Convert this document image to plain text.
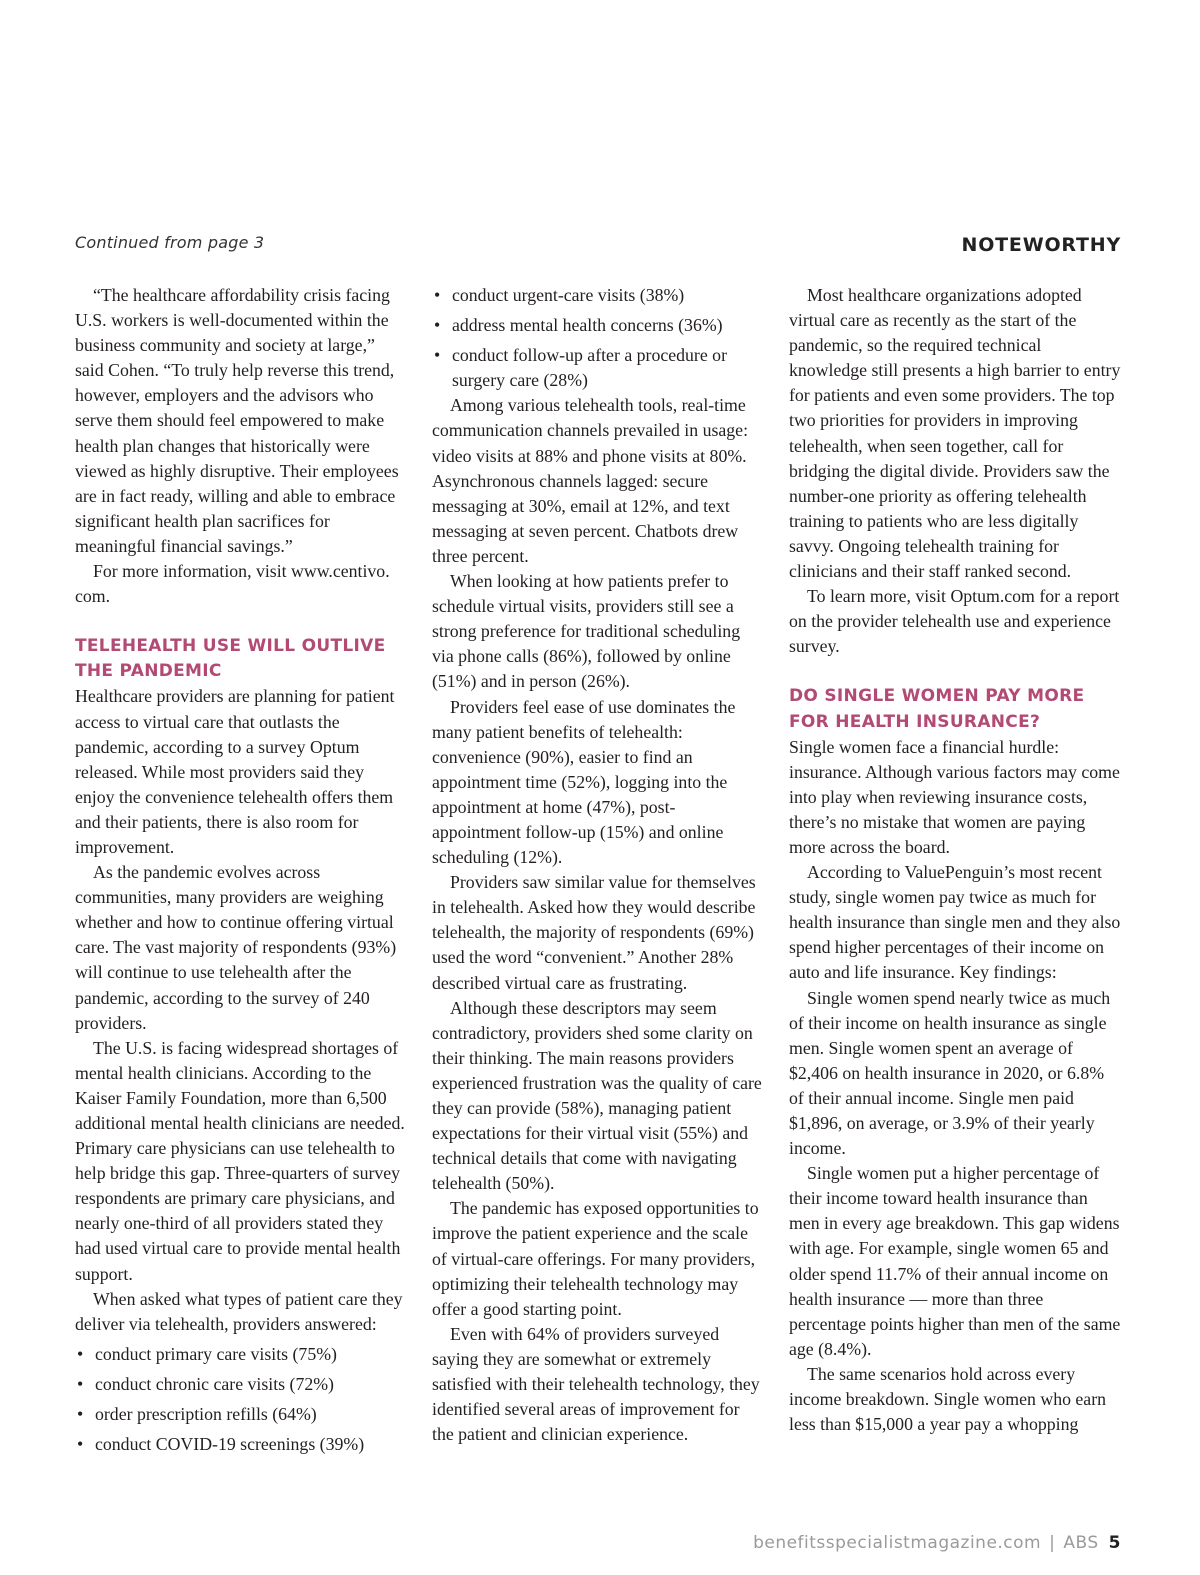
Continued from page 3	NOTEWORTHY

“The healthcare affordability crisis facing U.S. workers is well-documented within the business community and society at large,” said Cohen. “To truly help reverse this trend, however, employers and the advisors who serve them should feel empowered to make health plan changes that historically were viewed as highly disruptive. Their employees are in fact ready, willing and able to embrace significant health plan sacrifices for meaningful financial savings.”

For more information, visit www.centivo. com.

TELEHEALTH USE WILL OUTLIVE
THE PANDEMIC

Healthcare providers are planning for patient access to virtual care that outlasts the pandemic, according to a survey Optum released. While most providers said they enjoy the convenience telehealth offers them and their patients, there is also room for improvement.

As the pandemic evolves across communities, many providers are weighing whether and how to continue offering virtual care. The vast majority of respondents (93%) will continue to use telehealth after the pandemic, according to the survey of 240 providers.

The U.S. is facing widespread shortages of mental health clinicians. According to the Kaiser Family Foundation, more than 6,500 additional mental health clinicians are needed. Primary care physicians can use telehealth to help bridge this gap. Three-quarters of survey respondents are primary care physicians, and nearly one-third of all providers stated they had used virtual care to provide mental health support.

When asked what types of patient care they deliver via telehealth, providers answered:

• conduct primary care visits (75%)
• conduct chronic care visits (72%)
• order prescription refills (64%)
• conduct COVID-19 screenings (39%)
• conduct urgent-care visits (38%)
• address mental health concerns (36%)
• conduct follow-up after a procedure or surgery care (28%)

Among various telehealth tools, real-time communication channels prevailed in usage: video visits at 88% and phone visits at 80%. Asynchronous channels lagged: secure messaging at 30%, email at 12%, and text messaging at seven percent. Chatbots drew three percent.

When looking at how patients prefer to schedule virtual visits, providers still see a strong preference for traditional scheduling via phone calls (86%), followed by online (51%) and in person (26%).

Providers feel ease of use dominates the many patient benefits of telehealth: convenience (90%), easier to find an appointment time (52%), logging into the appointment at home (47%), post-appointment follow-up (15%) and online scheduling (12%).

Providers saw similar value for themselves in telehealth. Asked how they would describe telehealth, the majority of respondents (69%) used the word “convenient.” Another 28% described virtual care as frustrating.

Although these descriptors may seem contradictory, providers shed some clarity on their thinking. The main reasons providers experienced frustration was the quality of care they can provide (58%), managing patient expectations for their virtual visit (55%) and technical details that come with navigating telehealth (50%).

The pandemic has exposed opportunities to improve the patient experience and the scale of virtual-care offerings. For many providers, optimizing their telehealth technology may offer a good starting point.

Even with 64% of providers surveyed saying they are somewhat or extremely satisfied with their telehealth technology, they identified several areas of improvement for the patient and clinician experience.

Most healthcare organizations adopted virtual care as recently as the start of the pandemic, so the required technical knowledge still presents a high barrier to entry for patients and even some providers. The top two priorities for providers in improving telehealth, when seen together, call for bridging the digital divide. Providers saw the number-one priority as offering telehealth training to patients who are less digitally savvy. Ongoing telehealth training for clinicians and their staff ranked second.

To learn more, visit Optum.com for a report on the provider telehealth use and experience survey.

DO SINGLE WOMEN PAY MORE
FOR HEALTH INSURANCE?

Single women face a financial hurdle: insurance. Although various factors may come into play when reviewing insurance costs, there’s no mistake that women are paying more across the board.

According to ValuePenguin’s most recent study, single women pay twice as much for health insurance than single men and they also spend higher percentages of their income on auto and life insurance. Key findings:

Single women spend nearly twice as much of their income on health insurance as single men. Single women spent an average of $2,406 on health insurance in 2020, or 6.8% of their annual income. Single men paid $1,896, on average, or 3.9% of their yearly income.

Single women put a higher percentage of their income toward health insurance than men in every age breakdown. This gap widens with age. For example, single women 65 and older spend 11.7% of their annual income on health insurance — more than three percentage points higher than men of the same age (8.4%).

The same scenarios hold across every income breakdown. Single women who earn less than $15,000 a year pay a whopping

benefitsspecialistmagazine.com | ABS 5
